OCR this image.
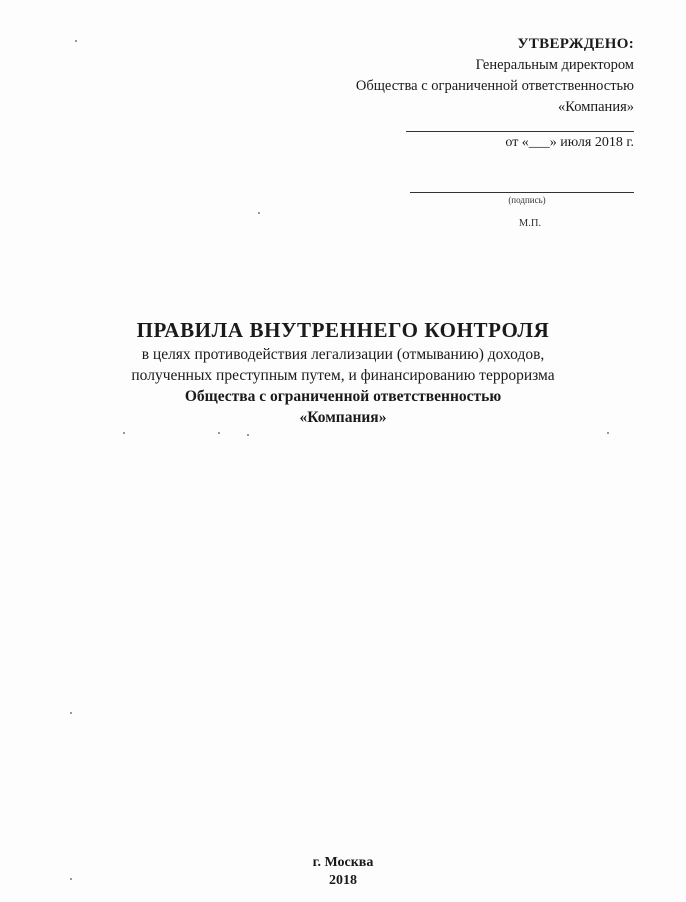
УТВЕРЖДЕНО:
Генеральным директором
Общества с ограниченной ответственностью
«Компания»
от «___» июля 2018 г.
(подпись)
М.П.

ПРАВИЛА ВНУТРЕННЕГО КОНТРОЛЯ

в целях противодействия легализации (отмыванию) доходов,

полученных преступным путем, и финансированию терроризма

Общества с ограниченной ответственностью

«Компания»

г. Москва
2018
